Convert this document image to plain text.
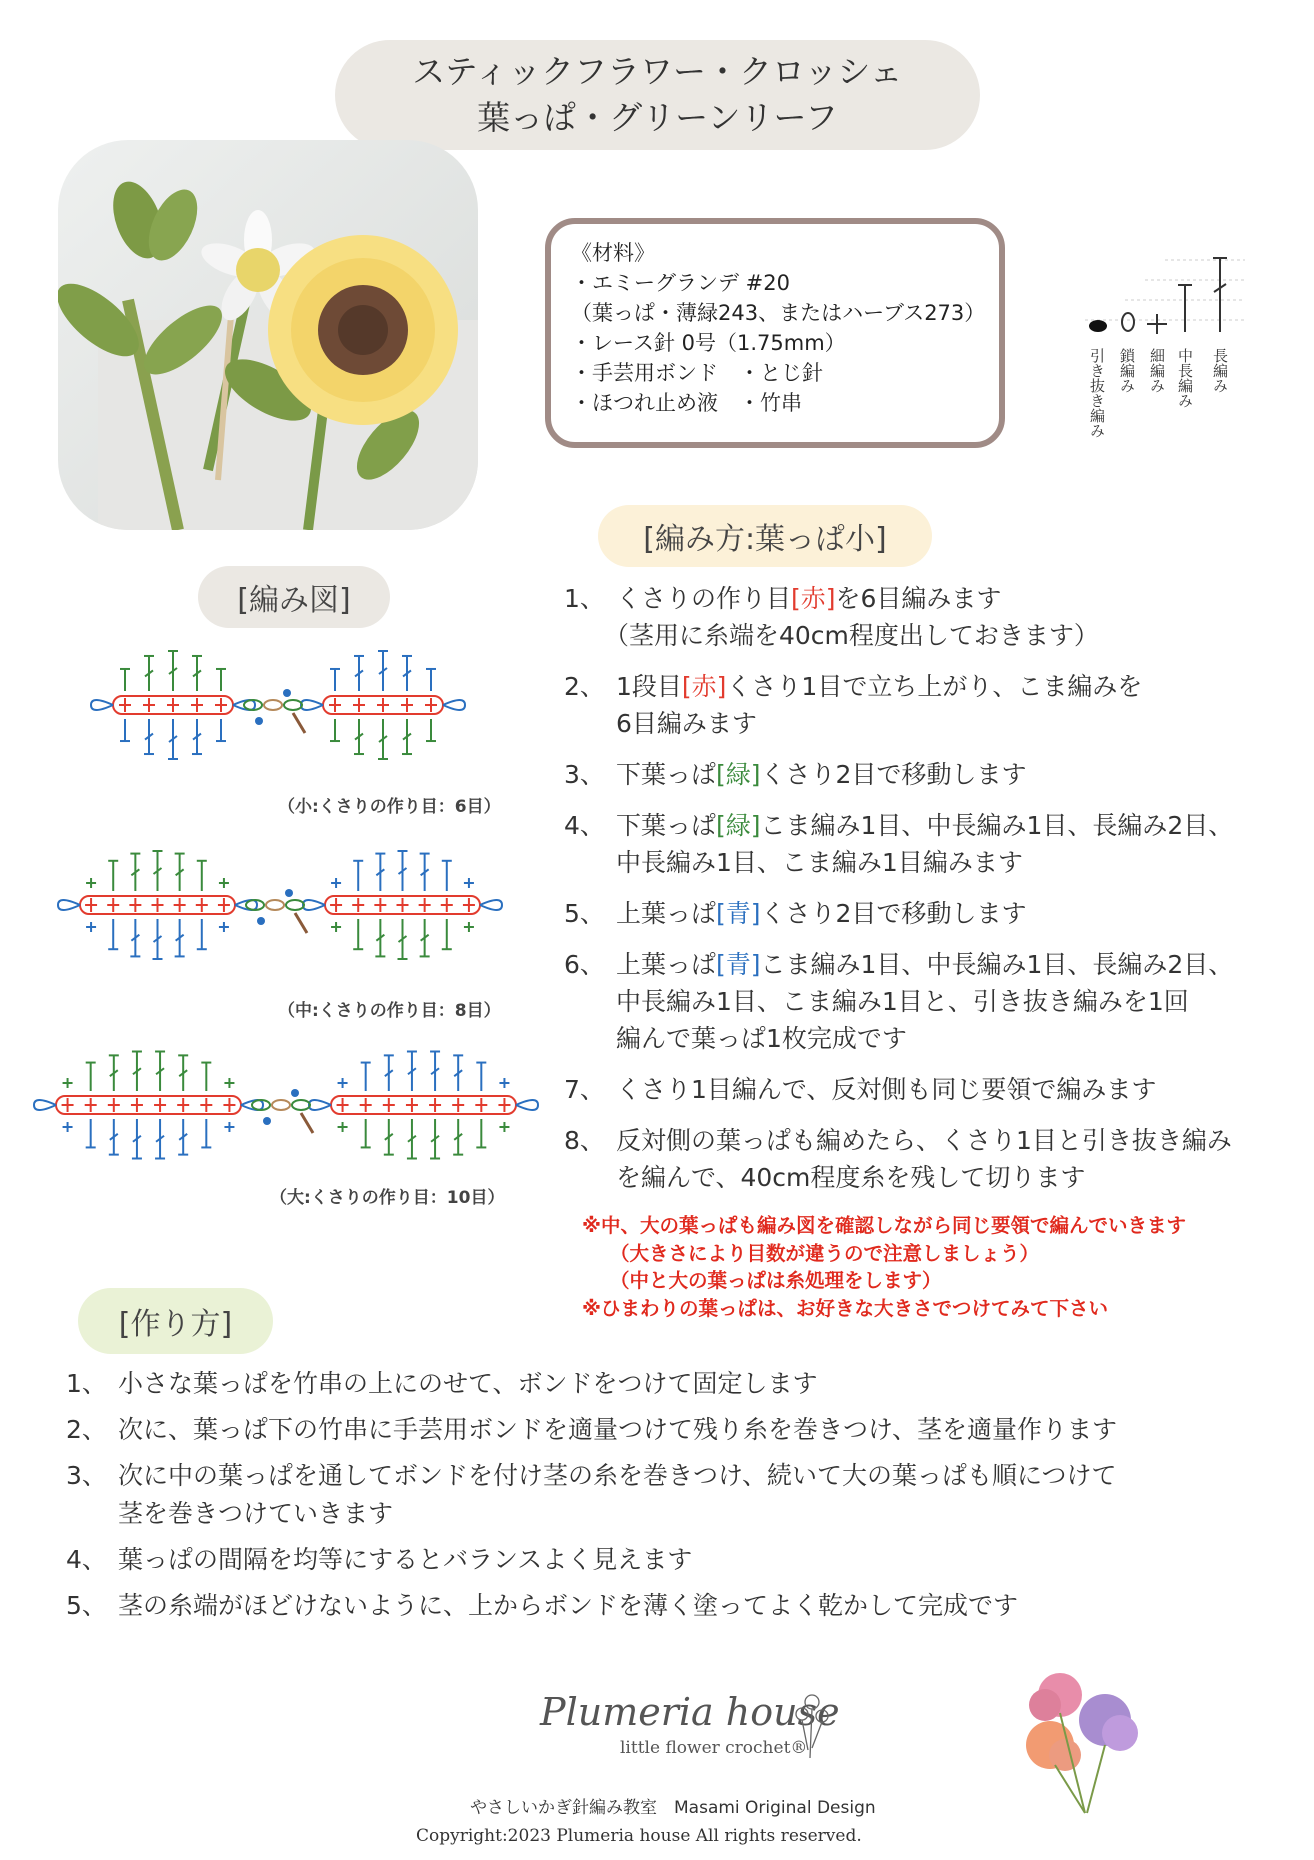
スティックフラワー・クロッシェ
葉っぱ・グリーンリーフ
《材料》
・エミーグランデ #20
（葉っぱ・薄緑243、またはハーブス273）
・レース針 0号（1.75mm）
・手芸用ボンド　・とじ針
・ほつれ止め液　・竹串	引き抜き編み 鎖編み 細編み 中長編み 長編み
[編み方:葉っぱ小]
[編み図]	1、 くさりの作り目[赤]を6目編みます
（茎用に糸端を40cm程度出しておきます）
2、 1段目[赤]くさり1目で立ち上がり、こま編みを
6目編みます
3、 下葉っぱ[緑]くさり2目で移動します
4、 下葉っぱ[緑]こま編み1目、中長編み1目、長編み2目、
中長編み1目、こま編み1目編みます
5、 上葉っぱ[青]くさり2目で移動します
6、 上葉っぱ[青]こま編み1目、中長編み1目、長編み2目、
中長編み1目、こま編み1目と、引き抜き編みを1回
編んで葉っぱ1枚完成です
7、 くさり1目編んで、反対側も同じ要領で編みます
8、 反対側の葉っぱも編めたら、くさり1目と引き抜き編み
を編んで、40cm程度糸を残して切ります
※中、大の葉っぱも編み図を確認しながら同じ要領で編んでいきます
（大きさにより目数が違うので注意しましょう）
（中と大の葉っぱは糸処理をします）
※ひまわりの葉っぱは、お好きな大きさでつけてみて下さい
（小:くさりの作り目：6目）
（中:くさりの作り目：8目）
（大:くさりの作り目：10目）
[作り方]
1、 小さな葉っぱを竹串の上にのせて、ボンドをつけて固定します
2、 次に、葉っぱ下の竹串に手芸用ボンドを適量つけて残り糸を巻きつけ、茎を適量作ります
3、 次に中の葉っぱを通してボンドを付け茎の糸を巻きつけ、続いて大の葉っぱも順につけて
茎を巻きつけていきます
4、 葉っぱの間隔を均等にするとバランスよく見えます
5、 茎の糸端がほどけないように、上からボンドを薄く塗ってよく乾かして完成です
Plumeria house
little flower crochet®
やさしいかぎ針編み教室　Masami Original Design
Copyright:2023 Plumeria house All rights reserved.
